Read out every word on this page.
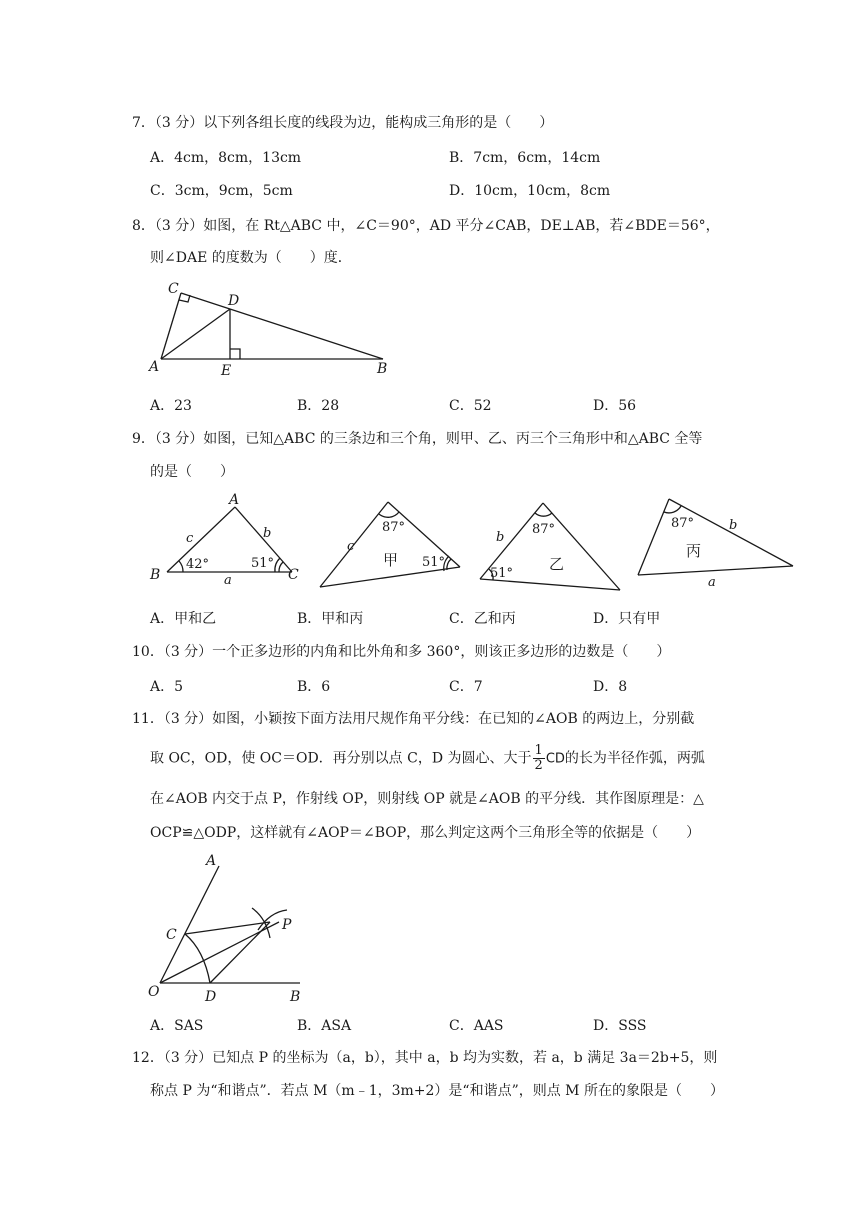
7．（3 分）以下列各组长度的线段为边，能构成三角形的是（　　）
A．4cm，8cm，13cm	B．7cm，6cm，14cm
C．3cm，9cm，5cm	D．10cm，10cm，8cm
8．（3 分）如图，在 Rt△ABC 中，∠C＝90°，AD 平分∠CAB，DE⊥AB，若∠BDE＝56°，
则∠DAE 的度数为（　　）度．
C
D
A	E	B
A．23	B．28	C．52	D．56
9．（3 分）如图，已知△ABC 的三条边和三个角，则甲、乙、丙三个三角形中和△ABC 全等
的是（　　）
A
B	C
c	b
a
42°	51°
c
87°
51°
甲
b
87°
51°
乙
87°	b
a
丙
A．甲和乙	B．甲和丙	C．乙和丙	D．只有甲
10．（3 分）一个正多边形的内角和比外角和多 360°，则该正多边形的边数是（　　）
A．5	B．6	C．7	D．8
11．（3 分）如图，小颖按下面方法用尺规作角平分线：在已知的∠AOB 的两边上，分别截
取 OC，OD，使 OC＝OD．再分别以点 C，D 为圆心、大于 $\frac{1}{2}$ CD的长为半径作弧，两弧
在∠AOB 内交于点 P，作射线 OP，则射线 OP 就是∠AOB 的平分线．其作图原理是：△
OCP≌△ODP，这样就有∠AOP＝∠BOP，那么判定这两个三角形全等的依据是（　　）
A
C
P
O	D	B
A．SAS	B．ASA	C．AAS	D．SSS
12．（3 分）已知点 P 的坐标为（a，b），其中 a，b 均为实数，若 a，b 满足 3a＝2b+5，则
称点 P 为“和谐点”．若点 M（m﹣1，3m+2）是“和谐点”，则点 M 所在的象限是（　　）
